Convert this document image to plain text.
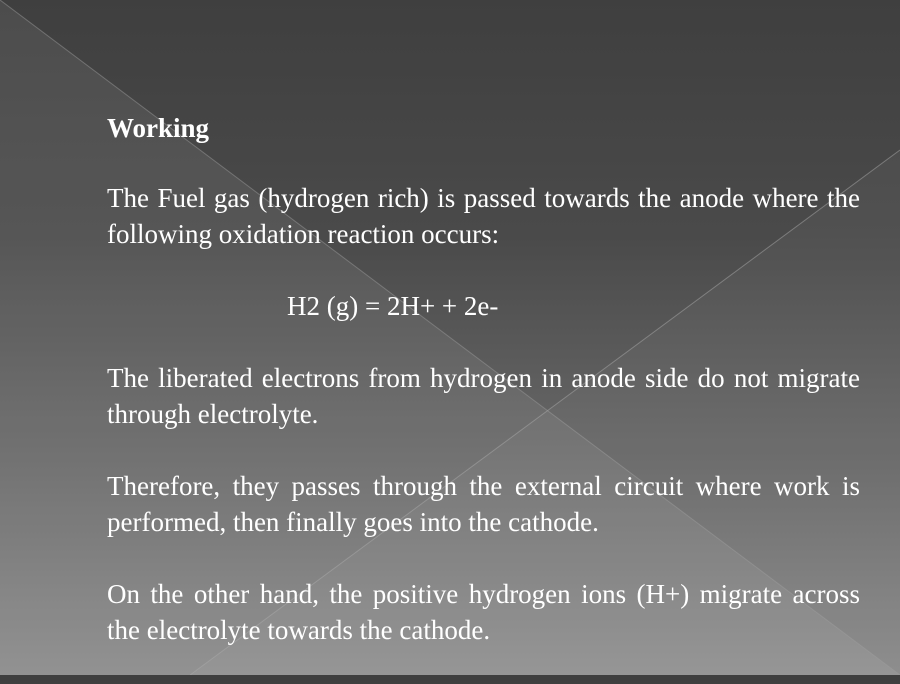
Working

The Fuel gas (hydrogen rich) is passed towards the anode where the following oxidation reaction occurs:

H2 (g) = 2H+ + 2e-

The liberated electrons from hydrogen in anode side do not migrate through electrolyte.

Therefore, they passes through the external circuit where work is performed, then finally goes into the cathode.

On the other hand, the positive hydrogen ions (H+) migrate across the electrolyte towards the cathode.
